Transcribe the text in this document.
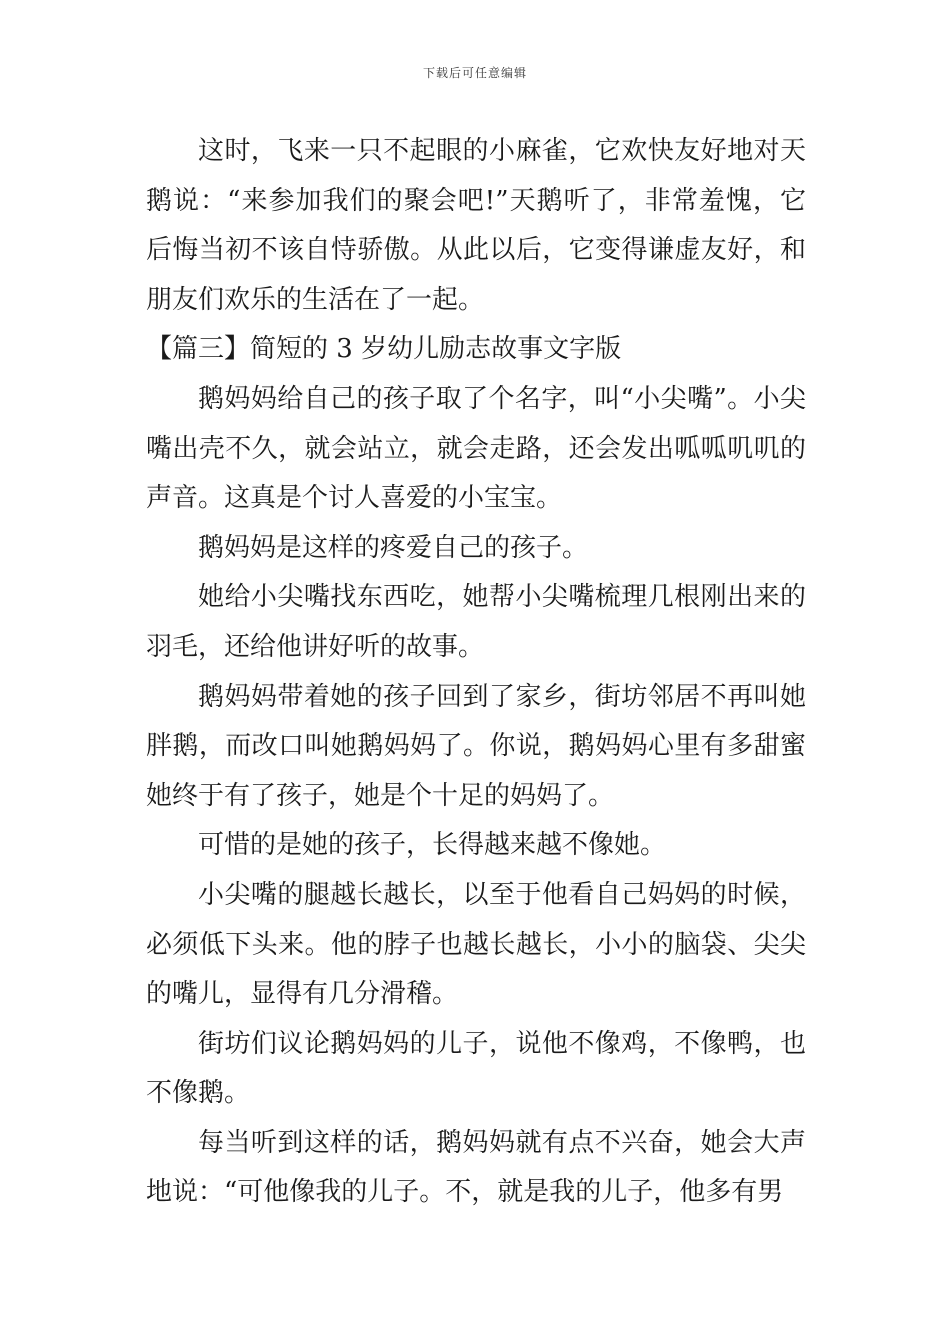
下载后可任意编辑

这时，飞来一只不起眼的小麻雀，它欢快友好地对天鹅说：“来参加我们的聚会吧!”天鹅听了，非常羞愧，它后悔当初不该自恃骄傲。从此以后，它变得谦虚友好，和朋友们欢乐的生活在了一起。

【篇三】简短的 3 岁幼儿励志故事文字版

鹅妈妈给自己的孩子取了个名字，叫“小尖嘴”。小尖嘴出壳不久，就会站立，就会走路，还会发出呱呱叽叽的声音。这真是个讨人喜爱的小宝宝。

鹅妈妈是这样的疼爱自己的孩子。

她给小尖嘴找东西吃，她帮小尖嘴梳理几根刚出来的羽毛，还给他讲好听的故事。

鹅妈妈带着她的孩子回到了家乡，街坊邻居不再叫她胖鹅，而改口叫她鹅妈妈了。你说，鹅妈妈心里有多甜蜜她终于有了孩子，她是个十足的妈妈了。

可惜的是她的孩子，长得越来越不像她。

小尖嘴的腿越长越长，以至于他看自己妈妈的时候，必须低下头来。他的脖子也越长越长，小小的脑袋、尖尖的嘴儿，显得有几分滑稽。

街坊们议论鹅妈妈的儿子，说他不像鸡，不像鸭，也不像鹅。

每当听到这样的话，鹅妈妈就有点不兴奋，她会大声地说：“可他像我的儿子。不，就是我的儿子，他多有男
